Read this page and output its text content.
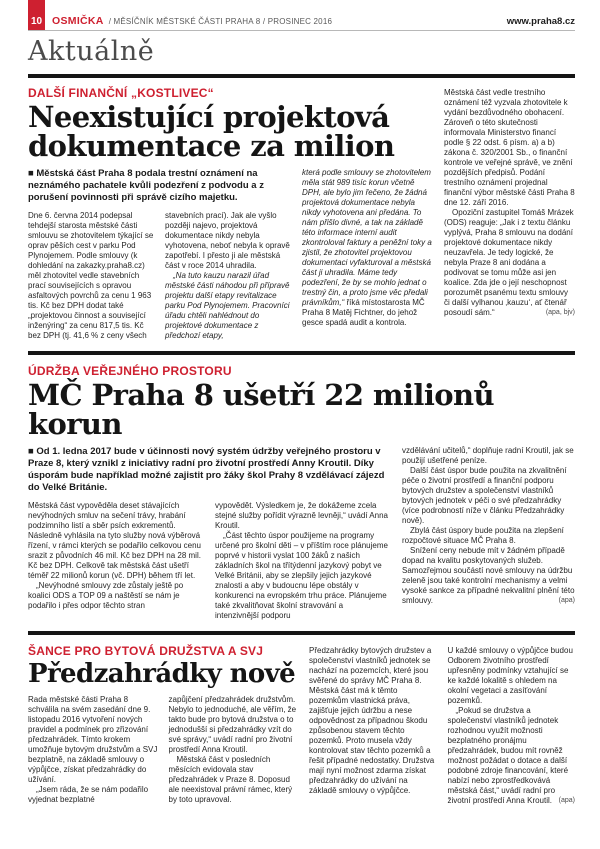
10 OSMIČKA / MĚSÍČNÍK MĚSTSKÉ ČÁSTI PRAHA 8 / PROSINEC 2016	www.praha8.cz
Aktuálně
DALŠÍ FINANČNÍ „KOSTLIVEC“
Neexistující projektová dokumentace za milion

■ Městská část Praha 8 podala trestní oznámení na neznámého pachatele kvůli podezření z podvodu a z porušení povinnosti při správě cizího majetku.

Dne 6. června 2014 podepsal tehdejší starosta městské části smlouvu se zhotovitelem týkající se oprav pěších cest v parku Pod Plynojemem. Podle smlouvy (k dohledání na zakazky.praha8.cz) měl zhotovitel vedle stavebních prací souvisejících s opravou asfaltových povrchů za cenu 1 963 tis. Kč bez DPH dodat také „projektovou činnost a související inženýring“ za cenu 817,5 tis. Kč bez DPH (tj. 41,6 % z ceny všech

stavebních prací). Jak ale vyšlo později najevo, projektová dokumentace nikdy nebyla vyhotovena, neboť nebyla k opravě zapotřebí. I přesto ji ale městská část v roce 2014 uhradila.

„Na tuto kauzu narazil úřad městské části náhodou při přípravě projektu další etapy revitalizace parku Pod Plynojemem. Pracovníci úřadu chtěli nahlédnout do projektové dokumentace z předchozí etapy,

která podle smlouvy se zhotovitelem měla stát 989 tisíc korun včetně DPH, ale bylo jim řečeno, že žádná projektová dokumentace nebyla nikdy vyhotovena ani předána. To nám přišlo divné, a tak na základě této informace interní audit zkontroloval faktury a peněžní toky a zjistil, že zhotovitel projektovou dokumentaci vyfakturoval a městská část ji uhradila. Máme tedy podezření, že by se mohlo jednat o trestný čin, a proto jsme věc předali právníkům,“ říká místostarosta MČ Praha 8 Matěj Fichtner, do jehož gesce spadá audit a kontrola.

Městská část vedle trestního oznámení též vyzvala zhotovitele k vydání bezdůvodného obohacení. Zároveň o této skutečnosti informovala Ministerstvo financí podle § 22 odst. 6 písm. a) a b) zákona č. 320/2001 Sb., o finanční kontrole ve veřejné správě, ve znění pozdějších předpisů. Podání trestního oznámení projednal finanční výbor městské části Praha 8 dne 12. září 2016.

Opoziční zastupitel Tomáš Mrázek (ODS) reaguje: „Jak i z textu článku vyplývá, Praha 8 smlouvu na dodání projektové dokumentace nikdy neuzavřela. Je tedy logické, že nebyla Praze 8 ani dodána a podivovat se tomu může asi jen koalice. Zda jde o její neschopnost porozumět psanému textu smlouvy či další vylhanou ‚kauzu‘, ať čtenář posoudí sám.“	(apa, bjv)
ÚDRŽBA VEŘEJNÉHO PROSTORU
MČ Praha 8 ušetří 22 milionů korun

■ Od 1. ledna 2017 bude v účinnosti nový systém údržby veřejného prostoru v Praze 8, který vznikl z iniciativy radní pro životní prostředí Anny Kroutil. Díky úsporám bude například možné zajistit pro žáky škol Prahy 8 vzdělávací zájezd do Velké Británie.

Městská část vypověděla deset stávajících nevýhodných smluv na sečení trávy, hrabání podzimního listí a sběr psích exkrementů. Následně vyhlásila na tyto služby nová výběrová řízení, v rámci kterých se podařilo celkovou cenu srazit z původních 46 mil. Kč bez DPH na 28 mil. Kč bez DPH. Celkově tak městská část ušetří téměř 22 milionů korun (vč. DPH) během tří let.

„Nevýhodné smlouvy zde zůstaly ještě po koalici ODS a TOP 09 a naštěstí se nám je podařilo i přes odpor těchto stran

vypovědět. Výsledkem je, že dokážeme zcela stejné služby pořídit výrazně levněji,“ uvádí Anna Kroutil.

„Část těchto úspor použijeme na programy určené pro školní děti – v příštím roce plánujeme poprvé v historii vyslat 100 žáků z našich základních škol na třítýdenní jazykový pobyt ve Velké Británii, aby se zlepšily jejich jazykové znalosti a aby v budoucnu lépe obstály v konkurenci na evropském trhu práce. Plánujeme také zkvalitňovat školní stravování a intenzivnější podporu

vzdělávání učitelů,“ doplňuje radní Kroutil, jak se použijí ušetřené peníze.

Další část úspor bude použita na zkvalitnění péče o životní prostředí a finanční podporu bytových družstev a společenství vlastníků bytových jednotek v péči o své předzahrádky (více podrobností níže v článku Předzahrádky nově).

Zbylá část úspory bude použita na zlepšení rozpočtové situace MČ Praha 8.

Snížení ceny nebude mít v žádném případě dopad na kvalitu poskytovaných služeb. Samozřejmou součástí nové smlouvy na údržbu zeleně jsou také kontrolní mechanismy a velmi vysoké sankce za případné nekvalitní plnění této smlouvy.	(apa)
ŠANCE PRO BYTOVÁ DRUŽSTVA A SVJ
Předzahrádky nově

Rada městské části Praha 8 schválila na svém zasedání dne 9. listopadu 2016 vytvoření nových pravidel a podmínek pro zřizování předzahrádek. Tímto krokem umožňuje bytovým družstvům a SVJ bezplatně, na základě smlouvy o výpůjčce, získat předzahrádky do užívání.

„Jsem ráda, že se nám podařilo vyjednat bezplatné

zapůjčení předzahrádek družstvům. Nebylo to jednoduché, ale věřím, že takto bude pro bytová družstva o to jednodušší si předzahrádky vzít do své správy,“ uvádí radní pro životní prostředí Anna Kroutil.

Městská část v posledních měsících evidovala stav předzahrádek v Praze 8. Doposud ale neexistoval právní rámec, který by toto upravoval.

Předzahrádky bytových družstev a společenství vlastníků jednotek se nachází na pozemcích, které jsou svěřené do správy MČ Praha 8. Městská část má k těmto pozemkům vlastnická práva, zajišťuje jejich údržbu a nese odpovědnost za případnou škodu způsobenou stavem těchto pozemků. Proto musela vždy kontrolovat stav těchto pozemků a řešit případné nedostatky. Družstva mají nyní možnost zdarma získat předzahrádky do užívání na základě smlouvy o výpůjčce.

U každé smlouvy o výpůjčce budou Odborem životního prostředí upřesněny podmínky vztahující se ke každé lokalitě s ohledem na okolní vegetaci a zasíťování pozemků.

„Pokud se družstva a společenství vlastníků jednotek rozhodnou využít možnosti bezplatného pronájmu předzahrádek, budou mít rovněž možnost požádat o dotace a další podobné zdroje financování, které nabízí nebo zprostředkovává městská část,“ uvádí radní pro životní prostředí Anna Kroutil. (apa)
